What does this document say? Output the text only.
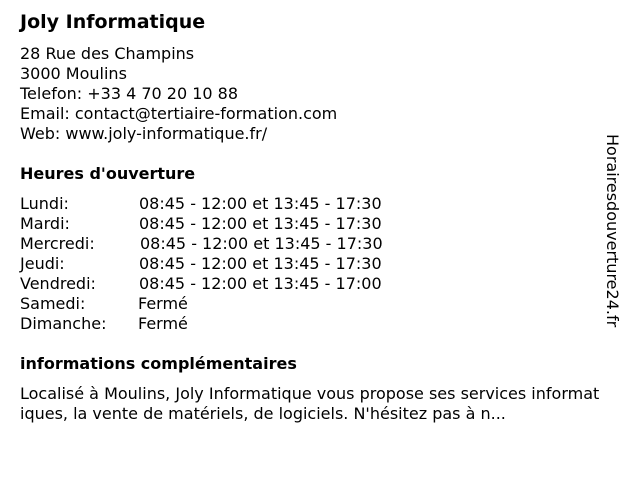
Joly Informatique
28 Rue des Champins
3000 Moulins
Telefon: +33 4 70 20 10 88
Email: contact@tertiaire-formation.com
Web: www.joly-informatique.fr/
Heures d'ouverture
Lundi:	08:45 - 12:00 et 13:45 - 17:30
Mardi:	08:45 - 12:00 et 13:45 - 17:30
Mercredi:	08:45 - 12:00 et 13:45 - 17:30
Jeudi:	08:45 - 12:00 et 13:45 - 17:30
Vendredi:	08:45 - 12:00 et 13:45 - 17:00
Samedi:	Fermé
Dimanche: Fermé
informations complémentaires
Localisé à Moulins, Joly Informatique vous propose ses services informatiques, la vente de matériels, de logiciels. N'hésitez pas à n...
Horairesdouverture24.fr
